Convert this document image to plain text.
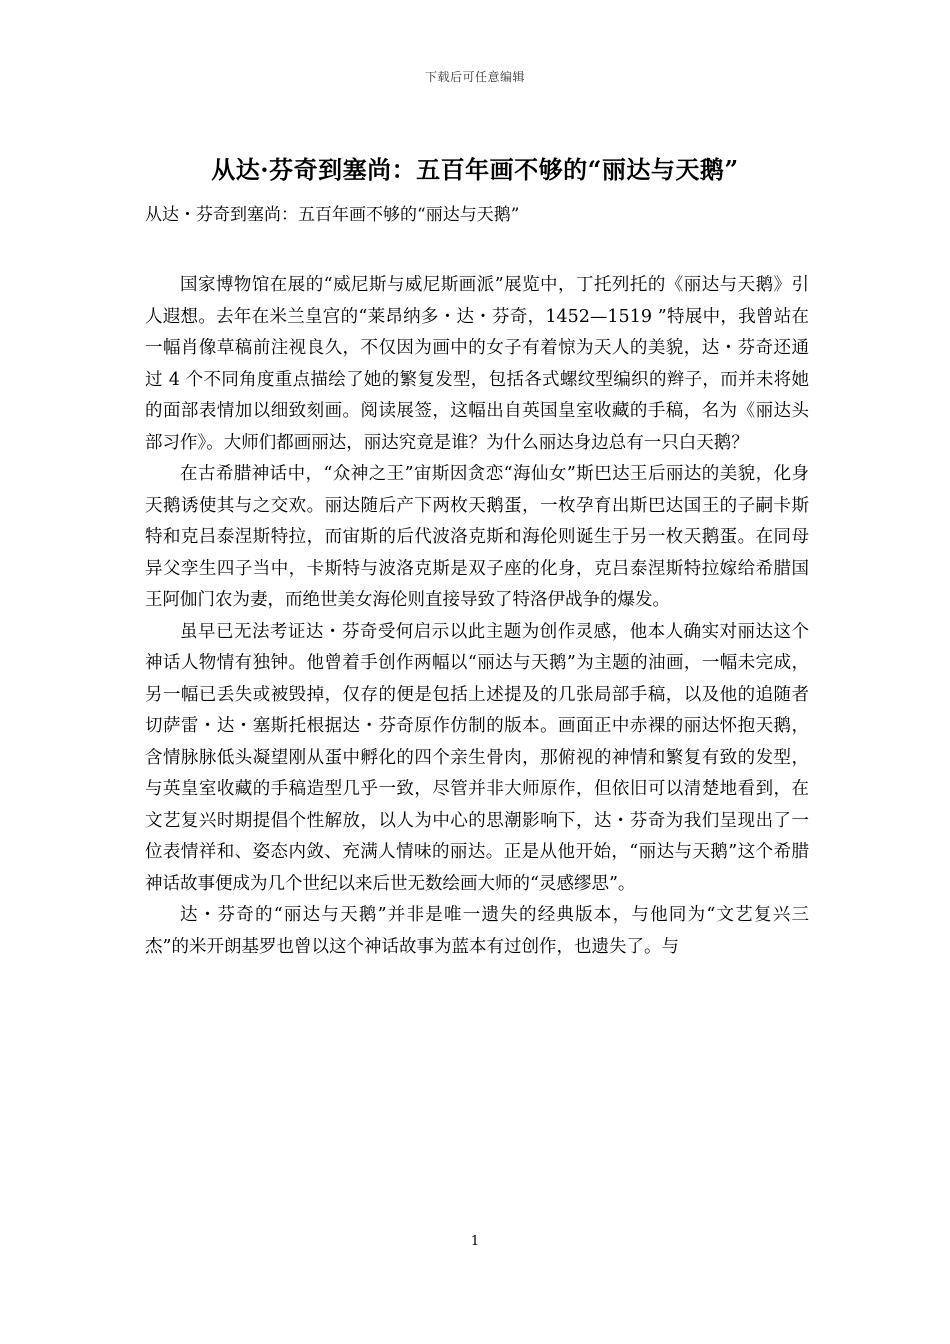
下载后可任意编辑
从达·芬奇到塞尚：五百年画不够的“丽达与天鹅”

从达・芬奇到塞尚：五百年画不够的“丽达与天鹅”

国家博物馆在展的“威尼斯与威尼斯画派”展览中，丁托列托的《丽达与天鹅》引人遐想。去年在米兰皇宫的“莱昂纳多・达・芬奇，1452—1519 ”特展中，我曾站在一幅肖像草稿前注视良久，不仅因为画中的女子有着惊为天人的美貌，达・芬奇还通过 4 个不同角度重点描绘了她的繁复发型，包括各式螺纹型编织的辫子，而并未将她的面部表情加以细致刻画。阅读展签，这幅出自英国皇室收藏的手稿，名为《丽达头部习作》。大师们都画丽达，丽达究竟是谁？为什么丽达身边总有一只白天鹅？

在古希腊神话中，“众神之王”宙斯因贪恋“海仙女”斯巴达王后丽达的美貌，化身天鹅诱使其与之交欢。丽达随后产下两枚天鹅蛋，一枚孕育出斯巴达国王的子嗣卡斯特和克吕泰涅斯特拉，而宙斯的后代波洛克斯和海伦则诞生于另一枚天鹅蛋。在同母异父孪生四子当中，卡斯特与波洛克斯是双子座的化身，克吕泰涅斯特拉嫁给希腊国王阿伽门农为妻，而绝世美女海伦则直接导致了特洛伊战争的爆发。

虽早已无法考证达・芬奇受何启示以此主题为创作灵感，他本人确实对丽达这个神话人物情有独钟。他曾着手创作两幅以“丽达与天鹅”为主题的油画，一幅未完成，另一幅已丢失或被毁掉，仅存的便是包括上述提及的几张局部手稿，以及他的追随者切萨雷・达・塞斯托根据达・芬奇原作仿制的版本。画面正中赤裸的丽达怀抱天鹅，含情脉脉低头凝望刚从蛋中孵化的四个亲生骨肉，那俯视的神情和繁复有致的发型，与英皇室收藏的手稿造型几乎一致，尽管并非大师原作，但依旧可以清楚地看到，在文艺复兴时期提倡个性解放，以人为中心的思潮影响下，达・芬奇为我们呈现出了一位表情祥和、姿态内敛、充满人情味的丽达。正是从他开始，“丽达与天鹅”这个希腊神话故事便成为几个世纪以来后世无数绘画大师的“灵感缪思”。

达・芬奇的“丽达与天鹅”并非是唯一遗失的经典版本，与他同为“文艺复兴三杰”的米开朗基罗也曾以这个神话故事为蓝本有过创作，也遗失了。与

1
